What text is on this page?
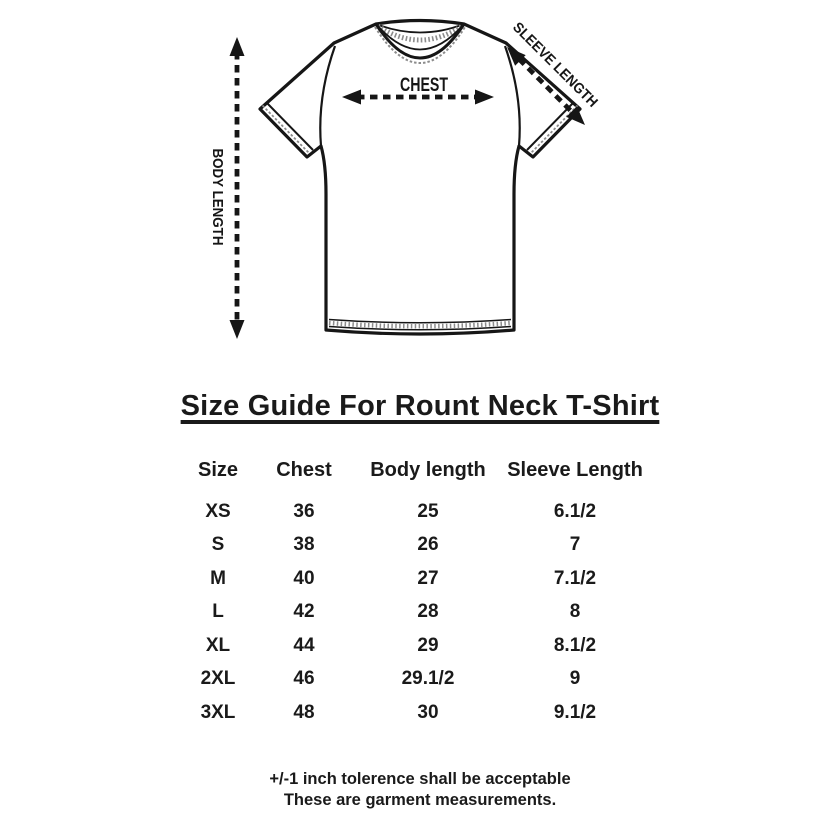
BODY LENGTH
CHEST	SLEEVE LENGTH
Size Guide For Rount Neck T-Shirt
Size	Chest	Body length	Sleeve Length
XS	36	25	6.1/2
S	38	26	7
M	40	27	7.1/2
L	42	28	8
XL	44	29	8.1/2
2XL	46	29.1/2	9
3XL	48	30	9.1/2
+/-1 inch tolerence shall be acceptable
These are garment measurements.
